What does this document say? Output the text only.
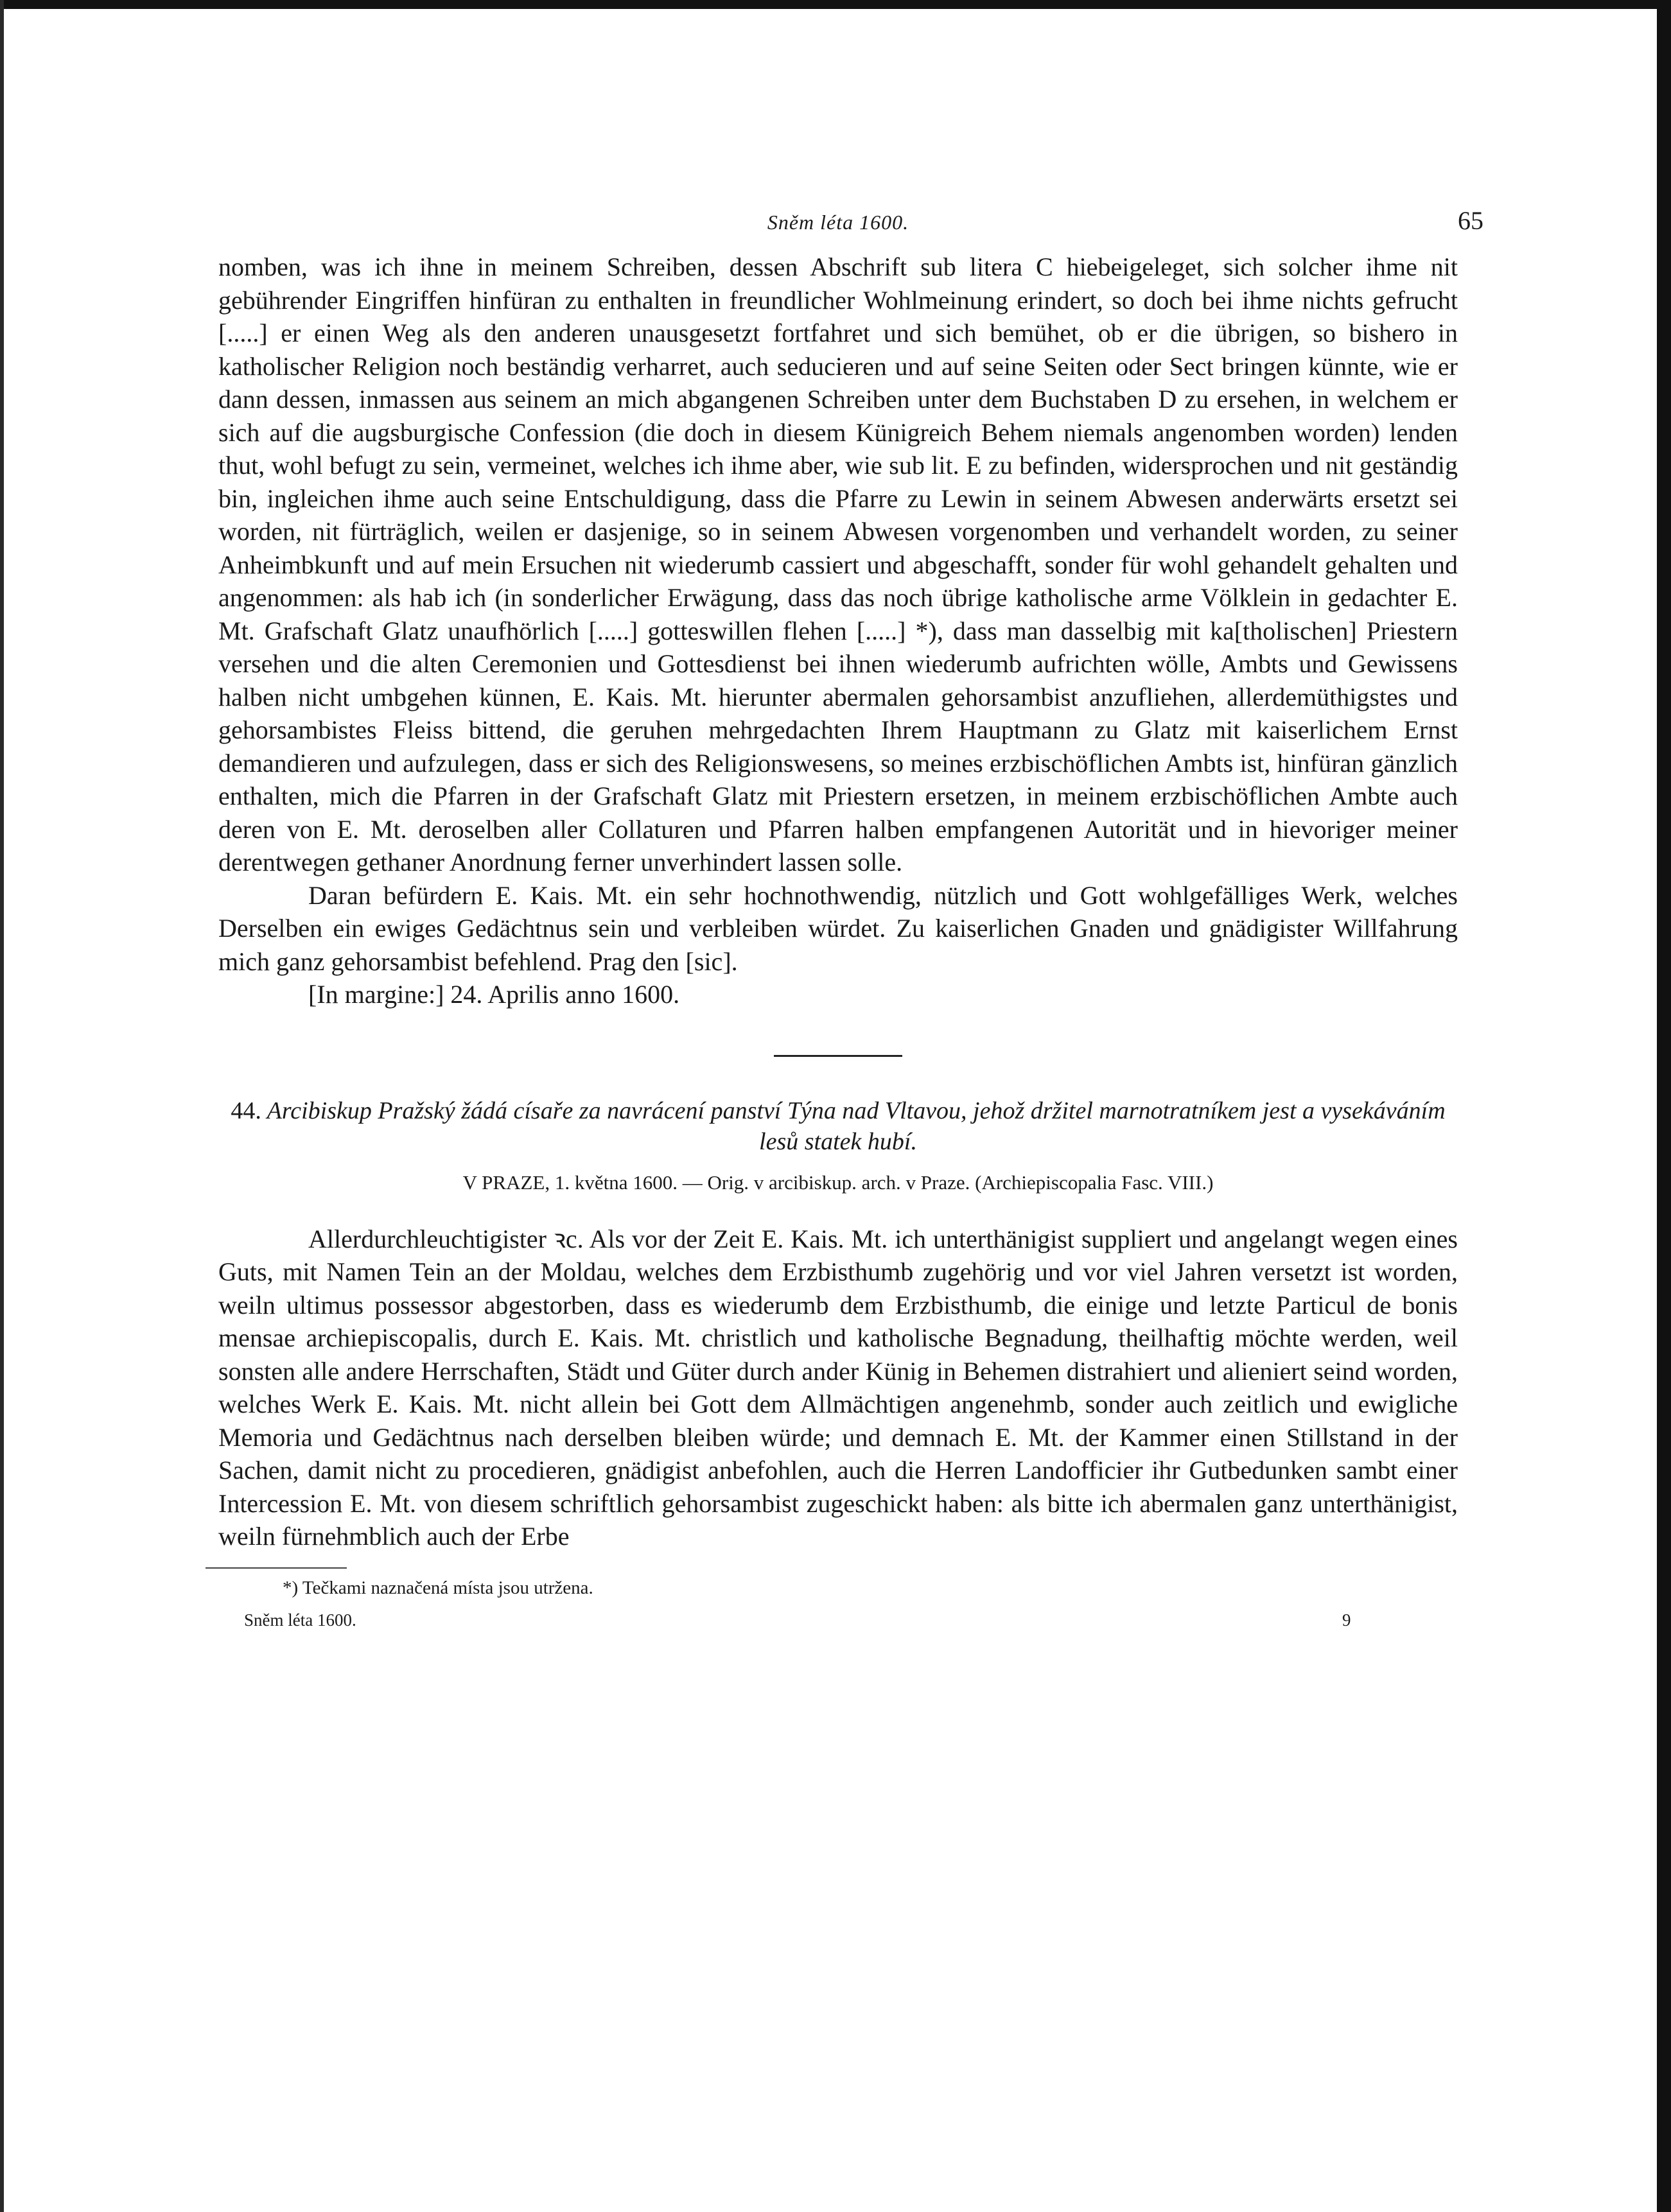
Sněm léta 1600.	65

nomben, was ich ihne in meinem Schreiben, dessen Abschrift sub litera C hiebeigeleget, sich solcher ihme nit gebührender Eingriffen hinfüran zu enthalten in freundlicher Wohlmeinung erindert, so doch bei ihme nichts gefrucht [.....] er einen Weg als den anderen unausgesetzt fortfahret und sich bemühet, ob er die übrigen, so bishero in katholischer Religion noch beständig verharret, auch seducieren und auf seine Seiten oder Sect bringen künnte, wie er dann dessen, inmassen aus seinem an mich abgangenen Schreiben unter dem Buchstaben D zu ersehen, in welchem er sich auf die augsburgische Confession (die doch in diesem Künigreich Behem niemals angenomben worden) lenden thut, wohl befugt zu sein, vermeinet, welches ich ihme aber, wie sub lit. E zu befinden, widersprochen und nit geständig bin, ingleichen ihme auch seine Entschuldigung, dass die Pfarre zu Lewin in seinem Abwesen anderwärts ersetzt sei worden, nit fürträglich, weilen er dasjenige, so in seinem Abwesen vorgenomben und verhandelt worden, zu seiner Anheimbkunft und auf mein Ersuchen nit wiederumb cassiert und abgeschafft, sonder für wohl gehandelt gehalten und angenommen: als hab ich (in sonderlicher Erwägung, dass das noch übrige katholische arme Völklein in gedachter E. Mt. Grafschaft Glatz unaufhörlich [.....] gotteswillen flehen [.....] *), dass man dasselbig mit ka[tholischen] Priestern versehen und die alten Ceremonien und Gottesdienst bei ihnen wiederumb aufrichten wölle, Ambts und Gewissens halben nicht umbgehen künnen, E. Kais. Mt. hierunter abermalen gehorsambist anzufliehen, allerdemüthigstes und gehorsambistes Fleiss bittend, die geruhen mehrgedachten Ihrem Hauptmann zu Glatz mit kaiserlichem Ernst demandieren und aufzulegen, dass er sich des Religionswesens, so meines erzbischöflichen Ambts ist, hinfüran gänzlich enthalten, mich die Pfarren in der Grafschaft Glatz mit Priestern ersetzen, in meinem erzbischöflichen Ambte auch deren von E. Mt. deroselben aller Collaturen und Pfarren halben empfangenen Autorität und in hievoriger meiner derentwegen gethaner Anordnung ferner unverhindert lassen solle.

Daran befürdern E. Kais. Mt. ein sehr hochnothwendig, nützlich und Gott wohlgefälliges Werk, welches Derselben ein ewiges Gedächtnus sein und verbleiben würdet. Zu kaiserlichen Gnaden und gnädigister Willfahrung mich ganz gehorsambist befehlend. Prag den [sic].

[In margine:] 24. Aprilis anno 1600.

44. Arcibiskup Pražský žádá císaře za navrácení panství Týna nad Vltavou, jehož držitel marnotratníkem jest a vysekáváním lesů statek hubí.

V PRAZE, 1. května 1600. — Orig. v arcibiskup. arch. v Praze. (Archiepiscopalia Fasc. VIII.)

Allerdurchleuchtigister ꝛc. Als vor der Zeit E. Kais. Mt. ich unterthänigist suppliert und angelangt wegen eines Guts, mit Namen Tein an der Moldau, welches dem Erzbisthumb zugehörig und vor viel Jahren versetzt ist worden, weiln ultimus possessor abgestorben, dass es wiederumb dem Erzbisthumb, die einige und letzte Particul de bonis mensae archiepiscopalis, durch E. Kais. Mt. christlich und katholische Begnadung, theilhaftig möchte werden, weil sonsten alle andere Herrschaften, Städt und Güter durch ander Künig in Behemen distrahiert und alieniert seind worden, welches Werk E. Kais. Mt. nicht allein bei Gott dem Allmächtigen angenehmb, sonder auch zeitlich und ewigliche Memoria und Gedächtnus nach derselben bleiben würde; und demnach E. Mt. der Kammer einen Stillstand in der Sachen, damit nicht zu procedieren, gnädigist anbefohlen, auch die Herren Landofficier ihr Gutbedunken sambt einer Intercession E. Mt. von diesem schriftlich gehorsambist zugeschickt haben: als bitte ich abermalen ganz unterthänigist, weiln fürnehmblich auch der Erbe

*) Tečkami naznačená místa jsou utržena.

Sněm léta 1600.	9
